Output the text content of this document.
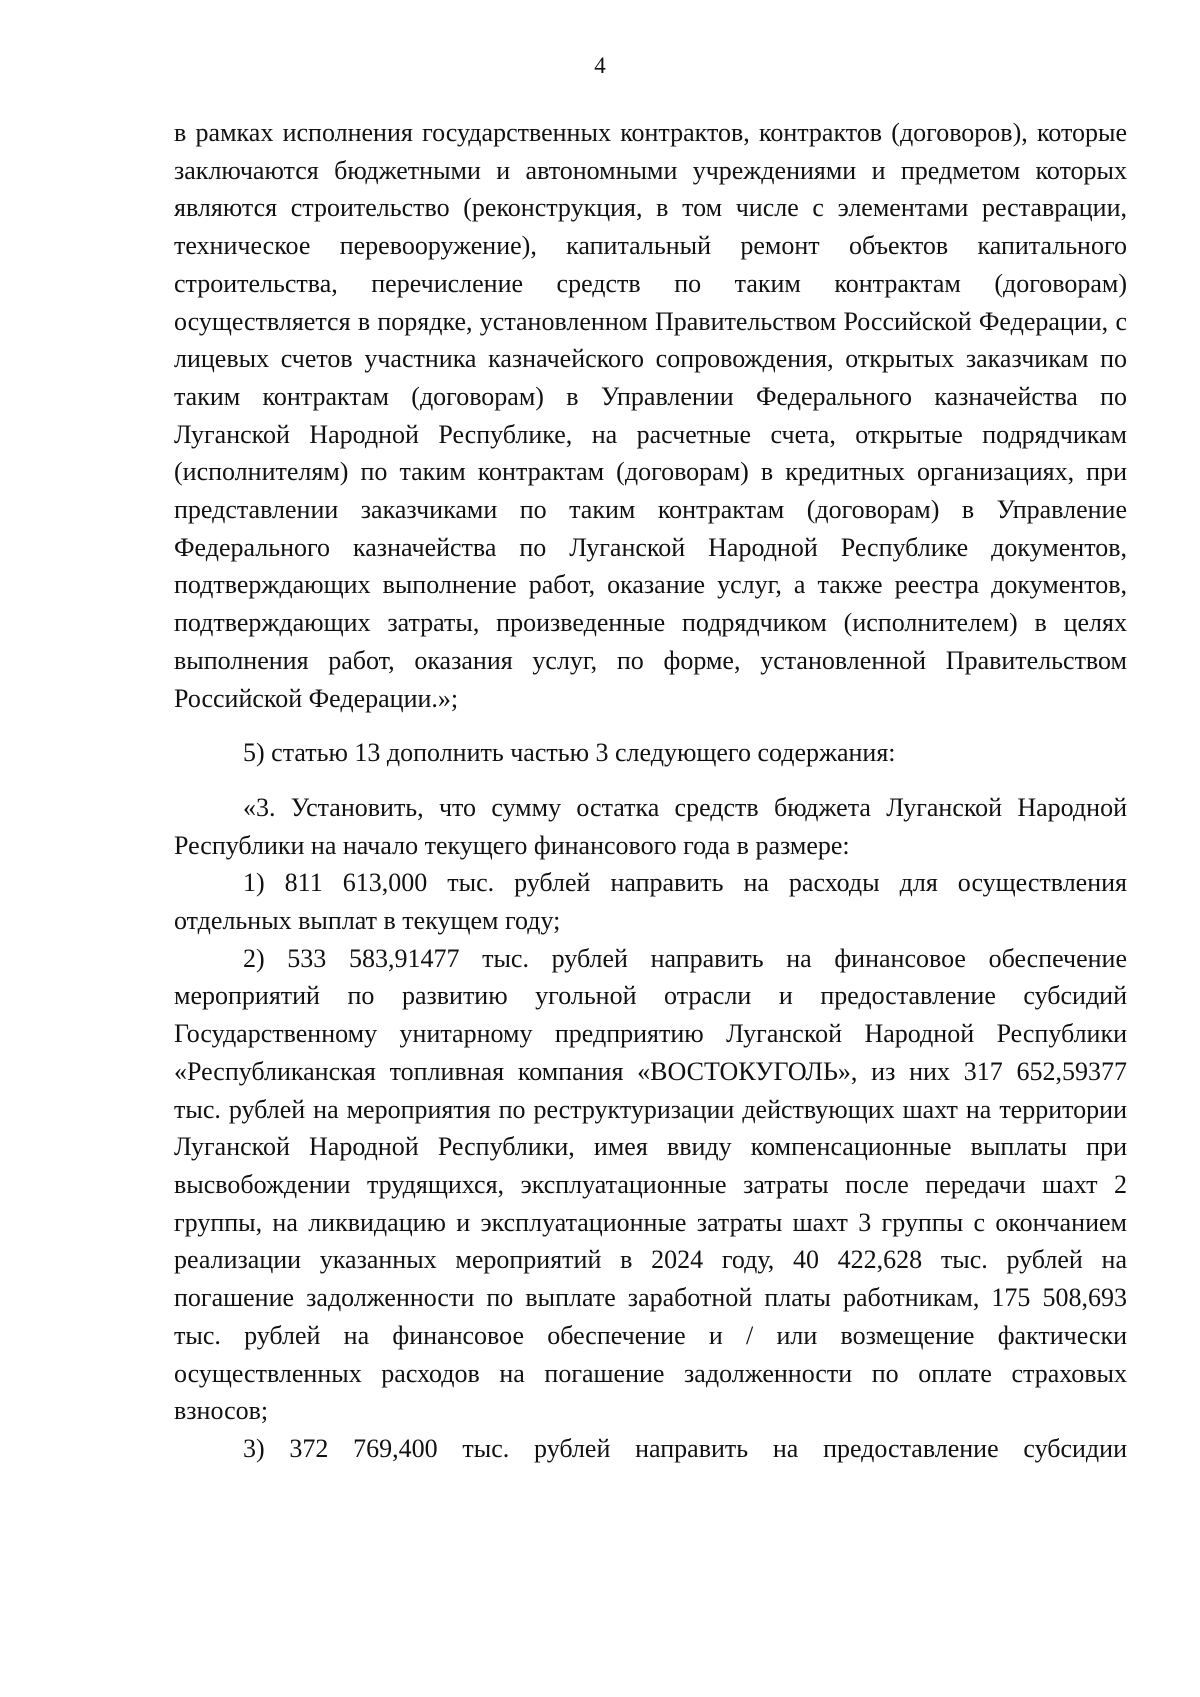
4

в рамках исполнения государственных контрактов, контрактов (договоров), которые заключаются бюджетными и автономными учреждениями и предметом которых являются строительство (реконструкция, в том числе с элементами реставрации, техническое перевооружение), капитальный ремонт объектов капитального строительства, перечисление средств по таким контрактам (договорам) осуществляется в порядке, установленном Правительством Российской Федерации, с лицевых счетов участника казначейского сопровождения, открытых заказчикам по таким контрактам (договорам) в Управлении Федерального казначейства по Луганской Народной Республике, на расчетные счета, открытые подрядчикам (исполнителям) по таким контрактам (договорам) в кредитных организациях, при представлении заказчиками по таким контрактам (договорам) в Управление Федерального казначейства по Луганской Народной Республике документов, подтверждающих выполнение работ, оказание услуг, а также реестра документов, подтверждающих затраты, произведенные подрядчиком (исполнителем) в целях выполнения работ, оказания услуг, по форме, установленной Правительством Российской Федерации.»;

5) статью 13 дополнить частью 3 следующего содержания:

«3. Установить, что сумму остатка средств бюджета Луганской Народной Республики на начало текущего финансового года в размере:

1) 811 613,000 тыс. рублей направить на расходы для осуществления отдельных выплат в текущем году;

2) 533 583,91477 тыс. рублей направить на финансовое обеспечение мероприятий по развитию угольной отрасли и предоставление субсидий Государственному унитарному предприятию Луганской Народной Республики «Республиканская топливная компания «ВОСТОКУГОЛЬ», из них 317 652,59377 тыс. рублей на мероприятия по реструктуризации действующих шахт на территории Луганской Народной Республики, имея ввиду компенсационные выплаты при высвобождении трудящихся, эксплуатационные затраты после передачи шахт 2 группы, на ликвидацию и эксплуатационные затраты шахт 3 группы с окончанием реализации указанных мероприятий в 2024 году, 40 422,628 тыс. рублей на погашение задолженности по выплате заработной платы работникам, 175 508,693 тыс. рублей на финансовое обеспечение и / или возмещение фактически осуществленных расходов на погашение задолженности по оплате страховых взносов;

3) 372 769,400 тыс. рублей направить на предоставление субсидии
